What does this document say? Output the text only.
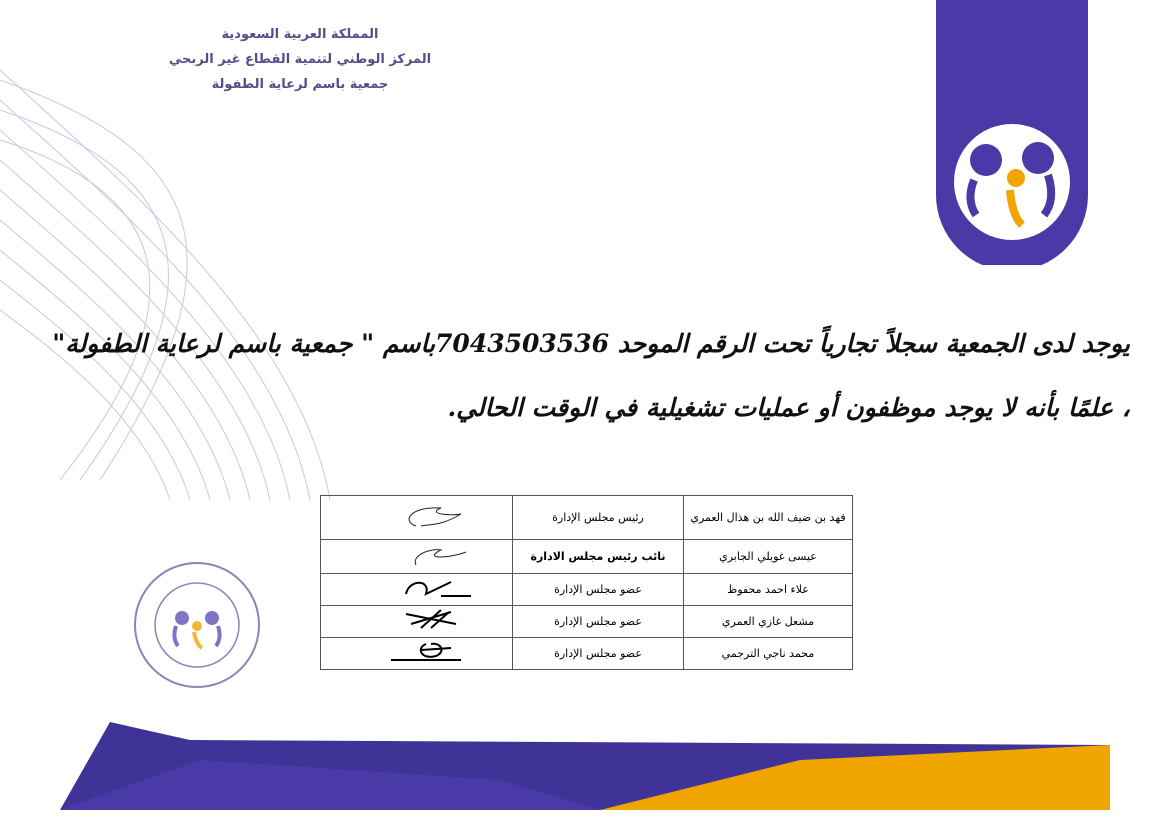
المملكة العربية السعودية
المركز الوطني لتنمية القطاع غير الربحي
جمعية باسم لرعاية الطفولة
يوجد لدى الجمعية سجلاً تجارياً تحت الرقم الموحد 7043503536باسم " جمعية باسم لرعاية الطفولة" ، علمًا بأنه لا يوجد موظفون أو عمليات تشغيلية في الوقت الحالي.
فهد بن ضيف الله بن هذال العمري	رئيس مجلس الإدارة	
عيسى غويلي الجابري	نائب رئيس مجلس الادارة	
علاء احمد محفوظ	عضو مجلس الإدارة	
مشعل غازي العمري	عضو مجلس الإدارة	
محمد ناجي الترجمي	عضو مجلس الإدارة	
